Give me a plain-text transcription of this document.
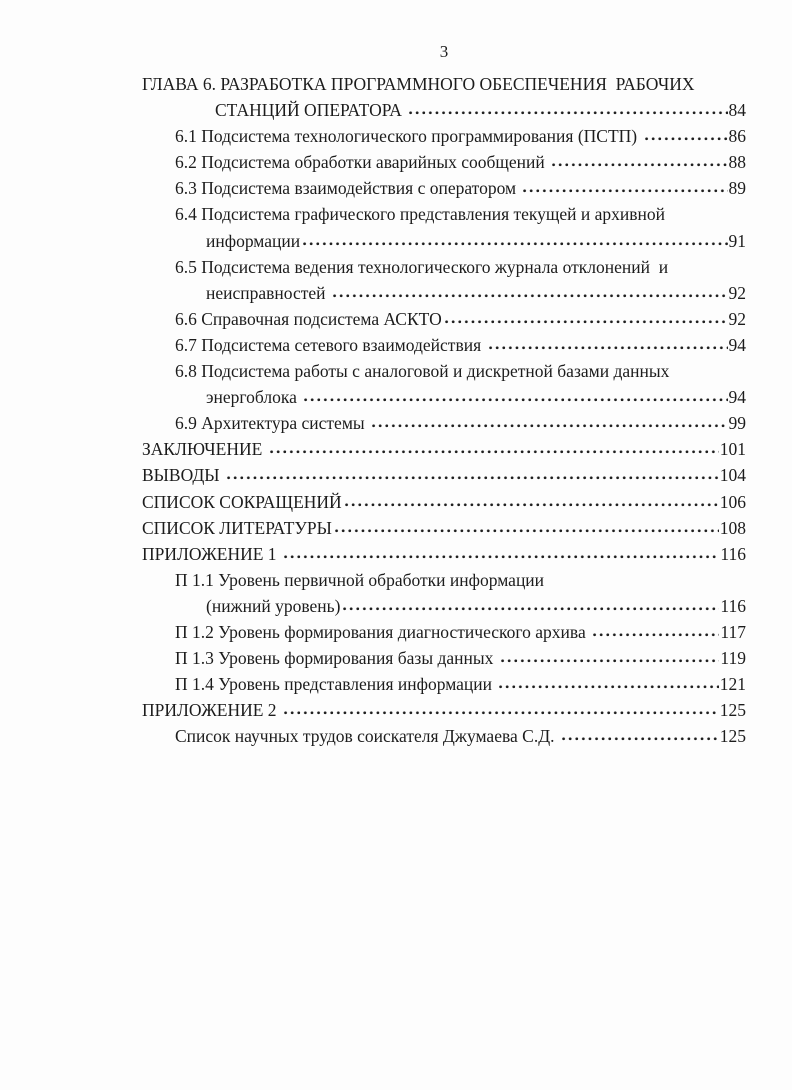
3
ГЛАВА 6. РАЗРАБОТКА ПРОГРАММНОГО ОБЕСПЕЧЕНИЯ  РАБОЧИХ
СТАНЦИЙ ОПЕРАТОРА	84
6.1 Подсистема технологического программирования (ПСТП)	86
6.2 Подсистема обработки аварийных сообщений	88
6.3 Подсистема взаимодействия с оператором	89
6.4 Подсистема графического представления текущей и архивной
информации	91
6.5 Подсистема ведения технологического журнала отклонений  и
неисправностей	92
6.6 Справочная подсистема АСКТО	92
6.7 Подсистема сетевого взаимодействия	94
6.8 Подсистема работы с аналоговой и дискретной базами данных
энергоблока	94
6.9 Архитектура системы	99
ЗАКЛЮЧЕНИЕ	101
ВЫВОДЫ	104
СПИСОК СОКРАЩЕНИЙ	106
СПИСОК ЛИТЕРАТУРЫ	108
ПРИЛОЖЕНИЕ 1	116
П 1.1 Уровень первичной обработки информации
(нижний уровень)	116
П 1.2 Уровень формирования диагностического архива	117
П 1.3 Уровень формирования базы данных	119
П 1.4 Уровень представления информации	121
ПРИЛОЖЕНИЕ 2	125
Список научных трудов соискателя Джумаева С.Д.	125
